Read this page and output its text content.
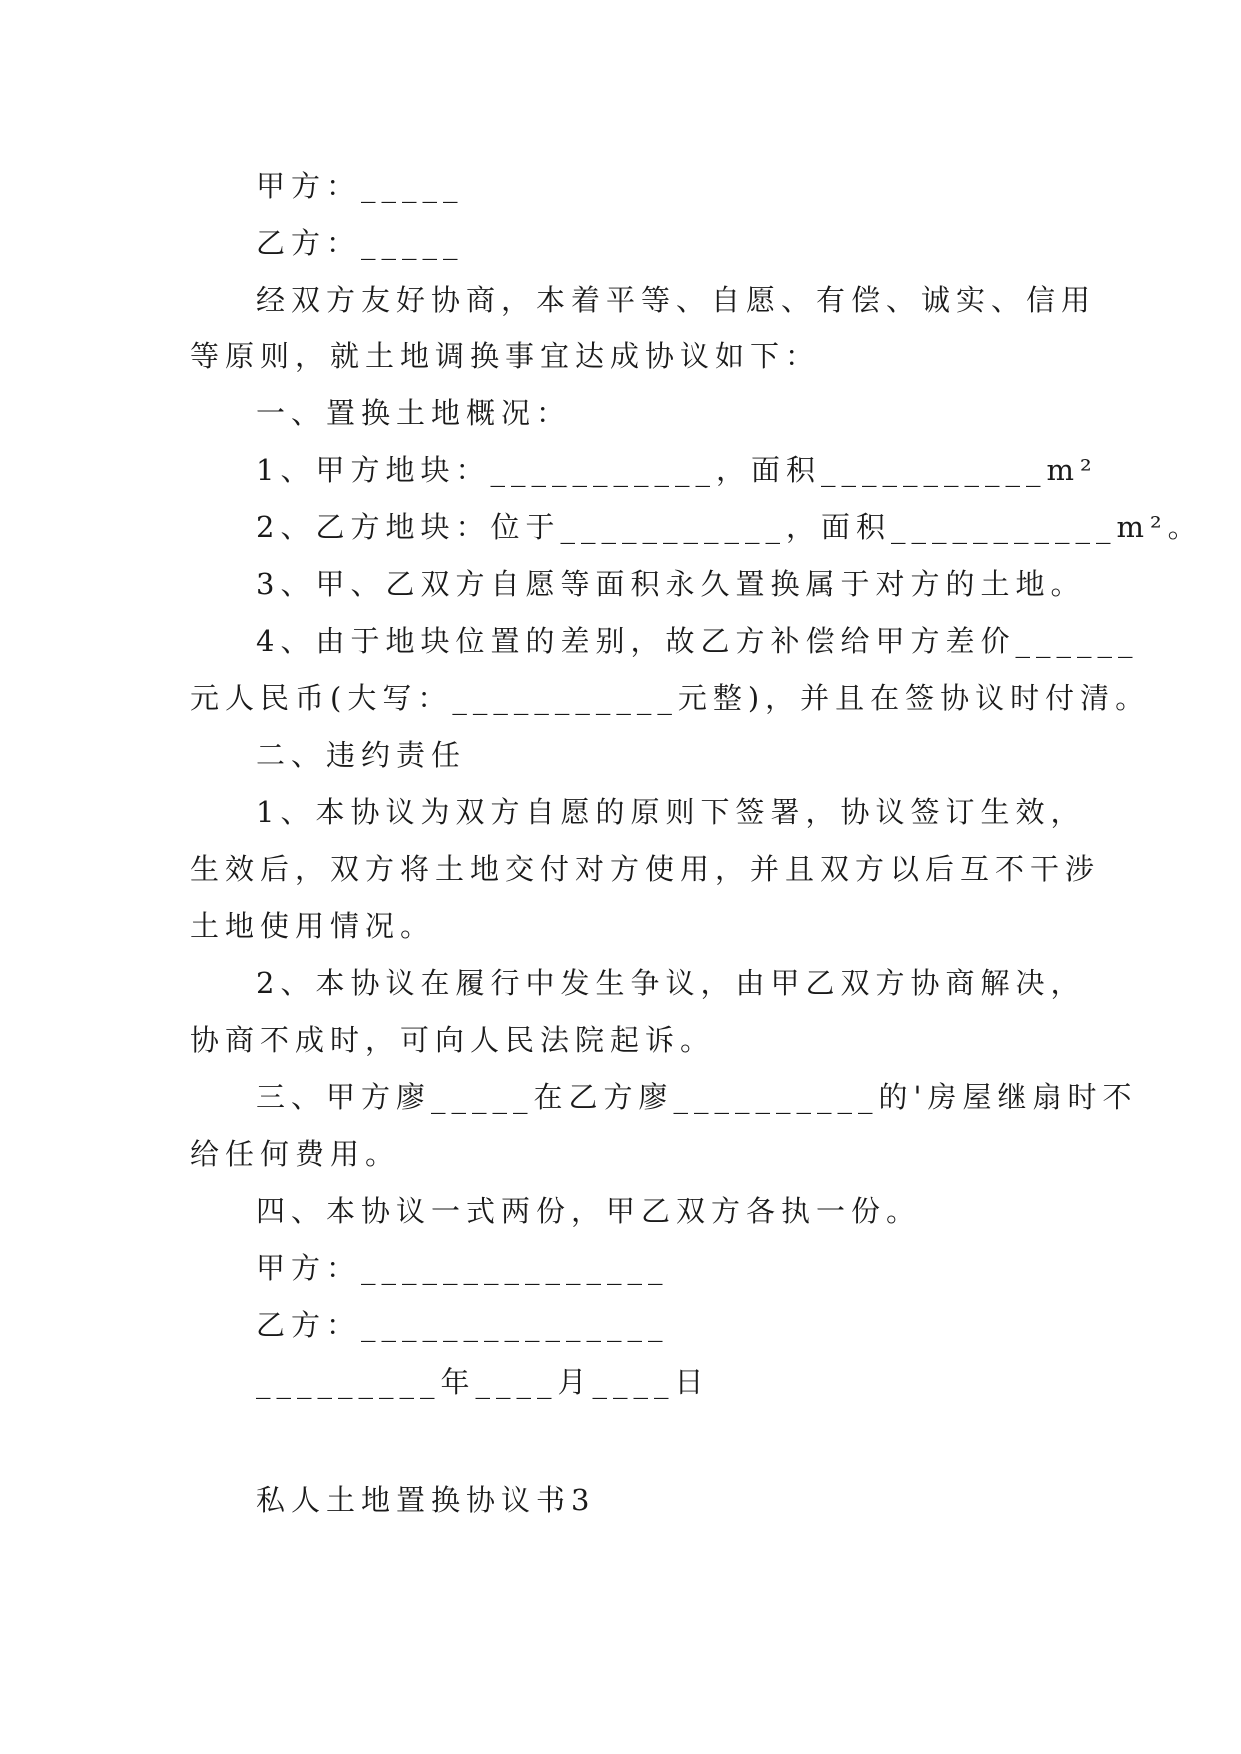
甲方：_____
乙方：_____
经双方友好协商，本着平等、自愿、有偿、诚实、信用
等原则，就土地调换事宜达成协议如下：
一、置换土地概况：
1、甲方地块：___________，面积___________m²
2、乙方地块：位于___________，面积___________m²。
3、甲、乙双方自愿等面积永久置换属于对方的土地。
4、由于地块位置的差别，故乙方补偿给甲方差价______
元人民币(大写：___________元整)，并且在签协议时付清。
二、违约责任
1、本协议为双方自愿的原则下签署，协议签订生效，
生效后，双方将土地交付对方使用，并且双方以后互不干涉
土地使用情况。
2、本协议在履行中发生争议，由甲乙双方协商解决，
协商不成时，可向人民法院起诉。
三、甲方廖_____在乙方廖__________的'房屋继扇时不
给任何费用。
四、本协议一式两份，甲乙双方各执一份。
甲方：_______________
乙方：_______________
_________年____月____日
私人土地置换协议书3
